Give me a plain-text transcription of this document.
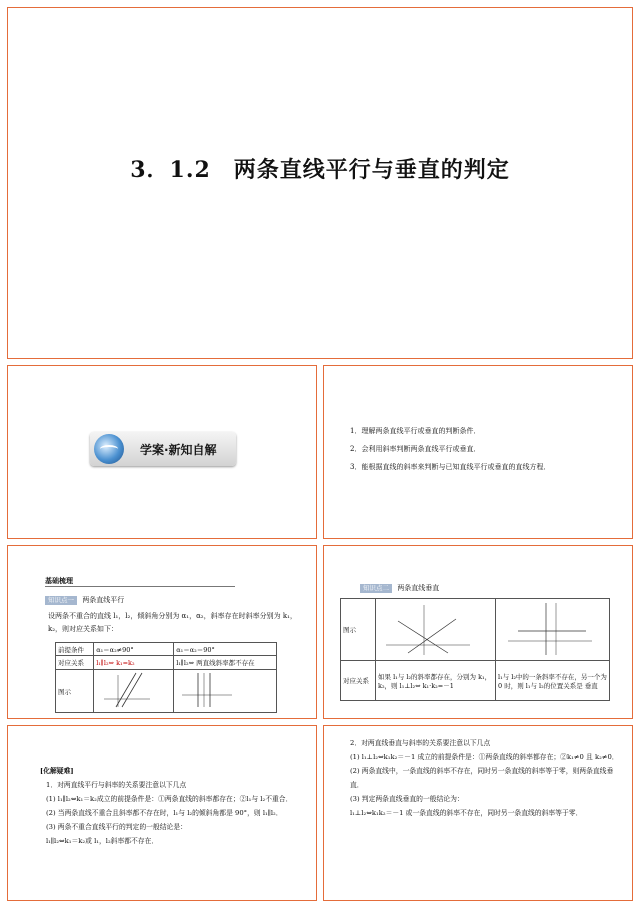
3．1.2　两条直线平行与垂直的判定
学案·新知自解
1．理解两条直线平行或垂直的判断条件．
2．会利用斜率判断两条直线平行或垂直．
3．能根据直线的斜率来判断与已知直线平行或垂直的直线方程．
基础梳理
知识点一 两条直线平行
设两条不重合的直线 l₁，l₂，倾斜角分别为 α₁，α₂，斜率存在时斜率分别为 k₁，k₂，则对应关系如下：
前提条件	α₁＝α₂≠90°	α₁＝α₂＝90°
对应关系	l₁∥l₂⇔ k₁=k₂	l₁∥l₂⇔ 两直线斜率都不存在
图示		
知识点二 两条直线垂直
图示		
对应关系	如果 l₁与 l₂的斜率都存在，分别为 k₁，k₂，则 l₁⊥l₂⇔ k₁·k₂=－1	l₁与 l₂中的一条斜率不存在，另一个为 0 时，则 l₁与 l₂的位置关系是 垂直
[化解疑难]
1．对两直线平行与斜率的关系要注意以下几点
(1) l₁∥l₂⇔k₁＝k₂成立的前提条件是：①两条直线的斜率都存在；②l₁与 l₂不重合．
(2) 当两条直线不重合且斜率都不存在时，l₁与 l₂的倾斜角都是 90°，则 l₁∥l₂．
(3) 两条不重合直线平行的判定的一般结论是：
l₁∥l₂⇔k₁＝k₂或 l₁，l₂斜率都不存在．
2．对两直线垂直与斜率的关系要注意以下几点
(1) l₁⊥l₂⇔k₁k₂＝－1 成立的前提条件是：①两条直线的斜率都存在；②k₁≠0 且 k₂≠0．
(2) 两条直线中，一条直线的斜率不存在，同时另一条直线的斜率等于零，则两条直线垂直．
(3) 判定两条直线垂直的一般结论为：
l₁⊥l₂⇔k₁k₂＝－1 或一条直线的斜率不存在，同时另一条直线的斜率等于零．
